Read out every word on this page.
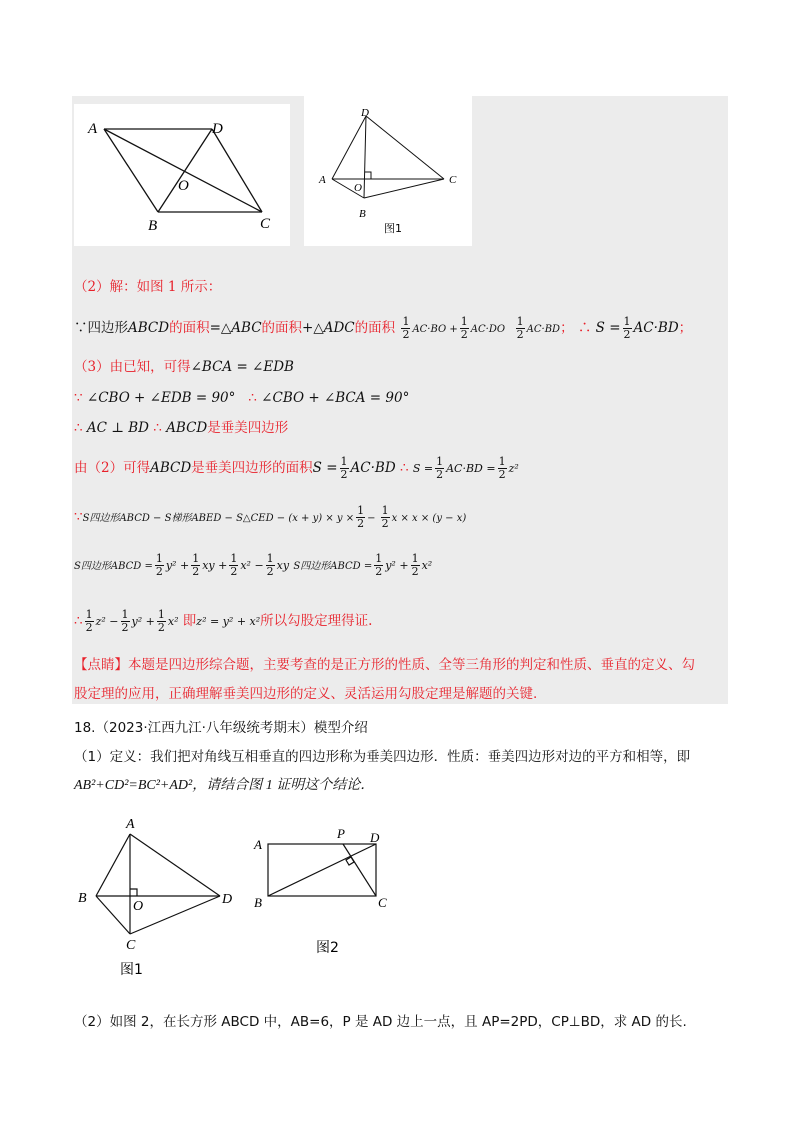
A	D
O
B	C
D
A
O
B
C
图1
（2）解：如图 1 所示：
∵四边形ABCD的面积=△ABC的面积+△ADC的面积 $\frac{1}{2} AC\cdot BO + \frac{1}{2} AC\cdot DO \frac{1}{2} AC\cdot BD$； ∴ $S = \frac{1}{2} AC\cdot BD$；
（3）由已知，可得∠BCA = ∠EDB
∵ ∠CBO + ∠EDB = 90° ∴ ∠CBO + ∠BCA = 90°
∴ AC ⊥ BD ∴ ABCD是垂美四边形
由（2）可得ABCD是垂美四边形的面积$S = \frac{1}{2} AC\cdot BD$ ∴ $S = \frac{1}{2} AC\cdot BD = \frac{1}{2} z^2$
∵S四边形ABCD − S梯形ABED − S△CED − $(x + y) \times y \times \frac{1}{2} - \frac{1}{2}$ x × x × (y − x)
S四边形ABCD = $\frac{1}{2} y^2 + \frac{1}{2}$ xy + $\frac{1}{2} x^2 - \frac{1}{2}$ xy S四边形ABCD = $\frac{1}{2} y^2 + \frac{1}{2} x^2$
∴ $\frac{1}{2} z^2 - \frac{1}{2} y^2 + \frac{1}{2} x^2$ 即z² = y² + x²所以勾股定理得证.
【点睛】本题是四边形综合题，主要考查的是正方形的性质、全等三角形的判定和性质、垂直的定义、勾
股定理的应用，正确理解垂美四边形的定义、灵活运用勾股定理是解题的关键.
18.（2023·江西九江·八年级统考期末）模型介绍
（1）定义：我们把对角线互相垂直的四边形称为垂美四边形．性质：垂美四边形对边的平方和相等，即
AB²+CD²=BC²+AD²，请结合图 1 证明这个结论．
A
B
O	D
C
图1
P D
A
B	C
图2
（2）如图 2，在长方形 ABCD 中，AB=6，P 是 AD 边上一点，且 AP=2PD，CP⊥BD，求 AD 的长.
